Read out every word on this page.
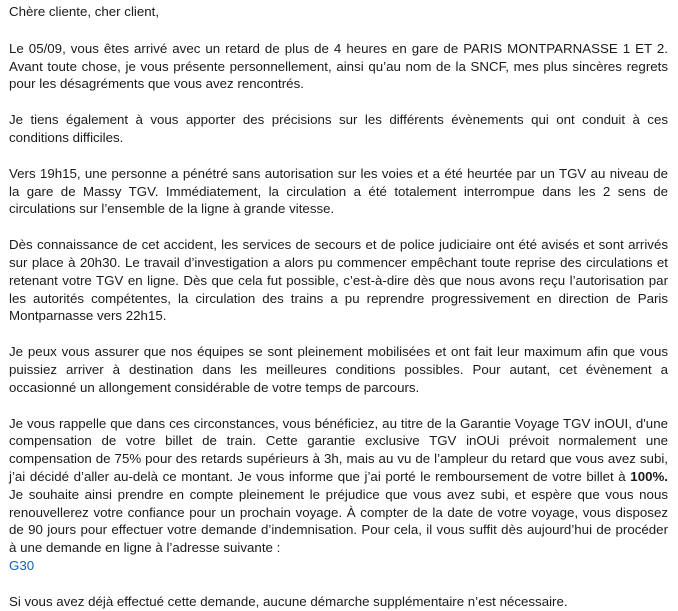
Chère cliente, cher client,

Le 05/09, vous êtes arrivé avec un retard de plus de 4 heures en gare de PARIS MONTPARNASSE 1 ET 2. Avant toute chose, je vous présente personnellement, ainsi qu’au nom de la SNCF, mes plus sincères regrets pour les désagréments que vous avez rencontrés.

Je tiens également à vous apporter des précisions sur les différents évènements qui ont conduit à ces conditions difficiles.

Vers 19h15, une personne a pénétré sans autorisation sur les voies et a été heurtée par un TGV au niveau de la gare de Massy TGV. Immédiatement, la circulation a été totalement interrompue dans les 2 sens de circulations sur l’ensemble de la ligne à grande vitesse.

Dès connaissance de cet accident, les services de secours et de police judiciaire ont été avisés et sont arrivés sur place à 20h30. Le travail d’investigation a alors pu commencer empêchant toute reprise des circulations et retenant votre TGV en ligne. Dès que cela fut possible, c’est-à-dire dès que nous avons reçu l’autorisation par les autorités compétentes, la circulation des trains a pu reprendre progressivement en direction de Paris Montparnasse vers 22h15.

Je peux vous assurer que nos équipes se sont pleinement mobilisées et ont fait leur maximum afin que vous puissiez arriver à destination dans les meilleures conditions possibles. Pour autant, cet évènement a occasionné un allongement considérable de votre temps de parcours.

Je vous rappelle que dans ces circonstances, vous bénéficiez, au titre de la Garantie Voyage TGV inOUI, d'une compensation de votre billet de train. Cette garantie exclusive TGV inOUi prévoit normalement une compensation de 75% pour des retards supérieurs à 3h, mais au vu de l’ampleur du retard que vous avez subi, j’ai décidé d’aller au-delà ce montant. Je vous informe que j’ai porté le remboursement de votre billet à 100%. Je souhaite ainsi prendre en compte pleinement le préjudice que vous avez subi, et espère que vous nous renouvellerez votre confiance pour un prochain voyage. À compter de la date de votre voyage, vous disposez de 90 jours pour effectuer votre demande d’indemnisation. Pour cela, il vous suffit dès aujourd’hui de procéder à une demande en ligne à l’adresse suivante :
G30

Si vous avez déjà effectué cette demande, aucune démarche supplémentaire n’est nécessaire.
